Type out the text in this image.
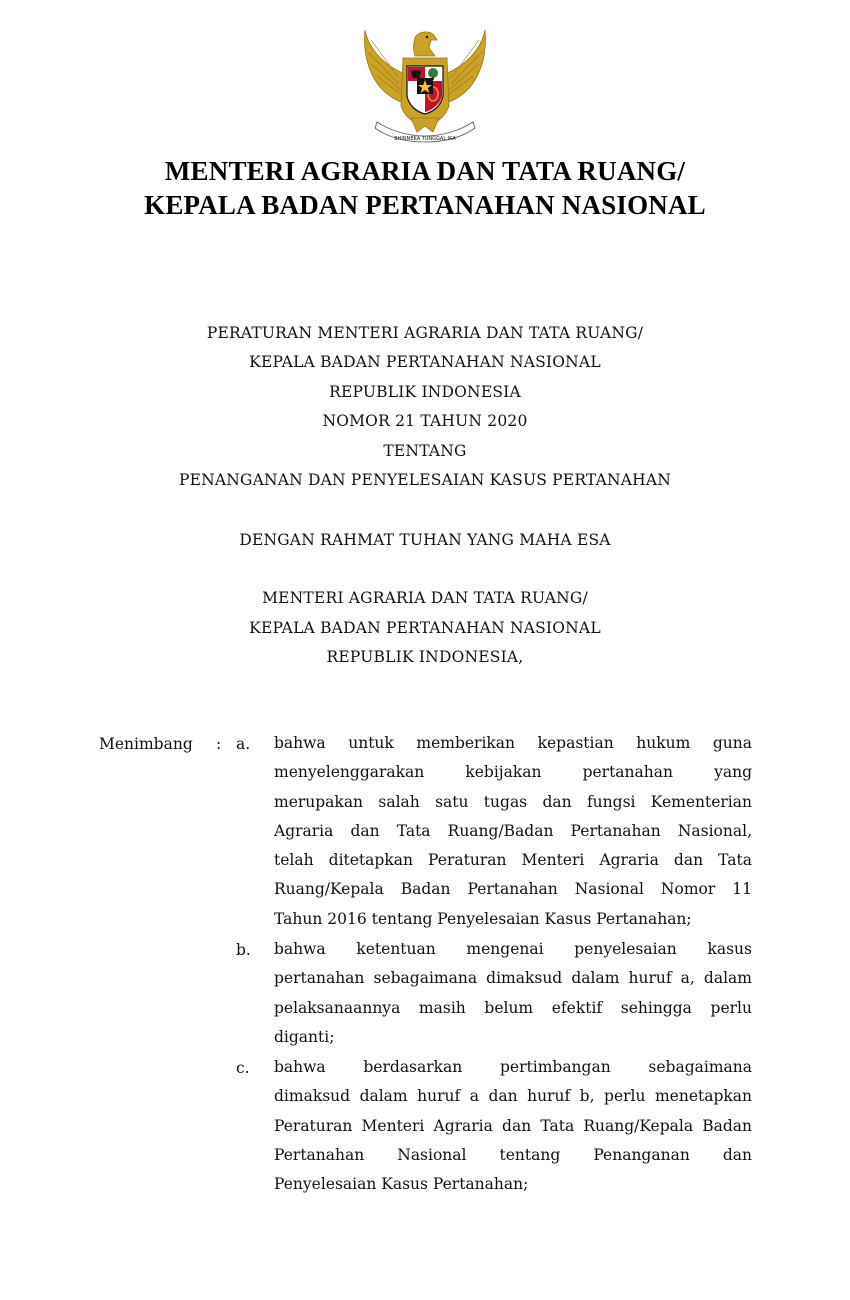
BHINNEKA TUNGGAL IKA
MENTERI AGRARIA DAN TATA RUANG/
KEPALA BADAN PERTANAHAN NASIONAL
PERATURAN MENTERI AGRARIA DAN TATA RUANG/
KEPALA BADAN PERTANAHAN NASIONAL
REPUBLIK INDONESIA
NOMOR 21 TAHUN 2020
TENTANG
PENANGANAN DAN PENYELESAIAN KASUS PERTANAHAN
DENGAN RAHMAT TUHAN YANG MAHA ESA
MENTERI AGRARIA DAN TATA RUANG/
KEPALA BADAN PERTANAHAN NASIONAL
REPUBLIK INDONESIA,
Menimbang : a. bahwa untuk memberikan kepastian hukum guna
menyelenggarakan kebijakan pertanahan yang
merupakan salah satu tugas dan fungsi Kementerian
Agraria dan Tata Ruang/Badan Pertanahan Nasional,
telah ditetapkan Peraturan Menteri Agraria dan Tata
Ruang/Kepala Badan Pertanahan Nasional Nomor 11
Tahun 2016 tentang Penyelesaian Kasus Pertanahan;
b. bahwa ketentuan mengenai penyelesaian kasus
pertanahan sebagaimana dimaksud dalam huruf a, dalam
pelaksanaannya masih belum efektif sehingga perlu
diganti;
c. bahwa berdasarkan pertimbangan sebagaimana
dimaksud dalam huruf a dan huruf b, perlu menetapkan
Peraturan Menteri Agraria dan Tata Ruang/Kepala Badan
Pertanahan Nasional tentang Penanganan dan
Penyelesaian Kasus Pertanahan;
